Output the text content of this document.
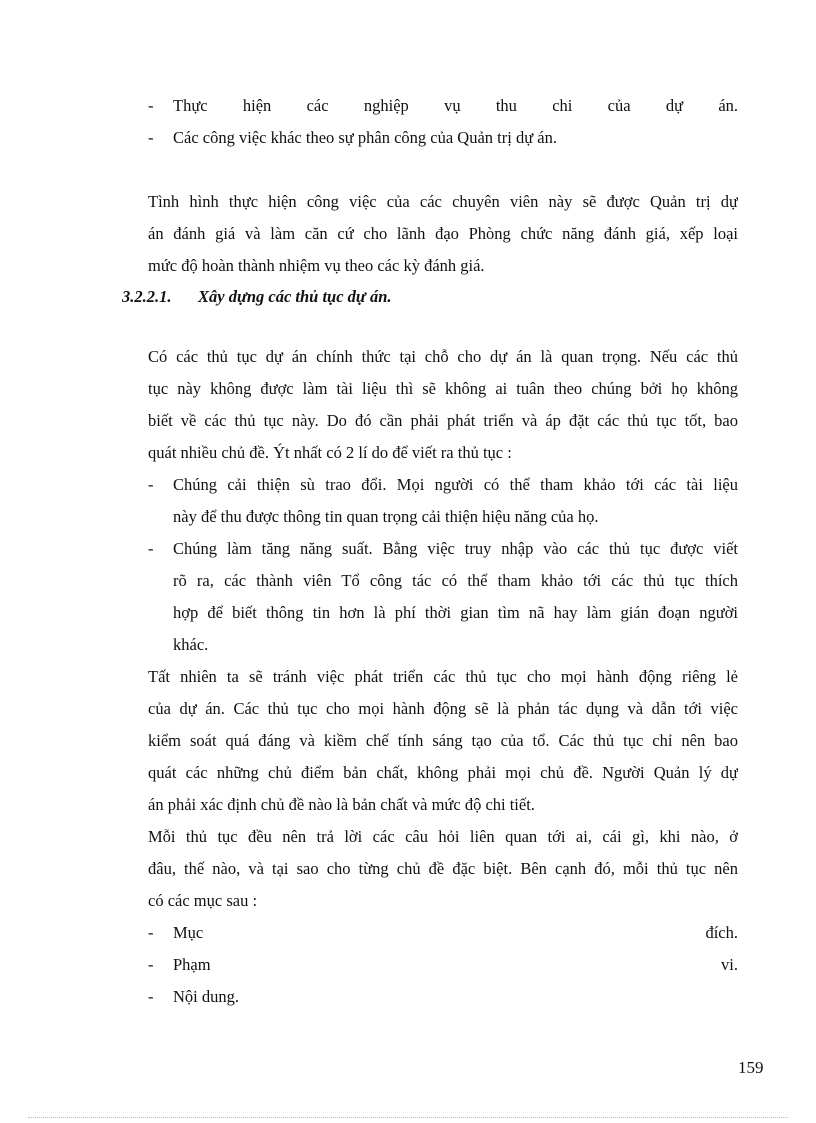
- Thực hiện các nghiệp vụ thu chi của dự án.
- Các công việc khác theo sự phân công của Quản trị dự án.
Tình hình thực hiện công việc của các chuyên viên này sẽ được Quản trị dự
án đánh giá và làm căn cứ cho lãnh đạo Phòng chức năng đánh giá, xếp loại
mức độ hoàn thành nhiệm vụ theo các kỳ đánh giá.
3.2.2.1. Xây dựng các thủ tục dự án.
Có các thủ tục dự án chính thức tại chỗ cho dự án là quan trọng. Nếu các thủ
tục này không được làm tài liệu thì sẽ không ai tuân theo chúng bởi họ không
biết về các thủ tục này. Do đó cần phải phát triển và áp đặt các thủ tục tốt, bao
quát nhiều chủ đề. Ýt nhất có 2 lí do để viết ra thủ tục :
- Chúng cải thiện sù trao đổi. Mọi người có thể tham khảo tới các tài liệu
này để thu được thông tin quan trọng cải thiện hiệu năng của họ.
- Chúng làm tăng năng suất. Bằng việc truy nhập vào các thủ tục được viết
rõ ra, các thành viên Tổ công tác có thể tham khảo tới các thủ tục thích
hợp để biết thông tin hơn là phí thời gian tìm nã hay làm gián đoạn người
khác.
Tất nhiên ta sẽ tránh việc phát triển các thủ tục cho mọi hành động riêng lẻ
của dự án. Các thủ tục cho mọi hành động sẽ là phản tác dụng và dẫn tới việc
kiểm soát quá đáng và kiềm chế tính sáng tạo của tổ. Các thủ tục chỉ nên bao
quát các những chủ điểm bản chất, không phải mọi chủ đề. Người Quản lý dự
án phải xác định chủ đề nào là bản chất và mức độ chi tiết.
Mỗi thủ tục đều nên trả lời các câu hỏi liên quan tới ai, cái gì, khi nào, ở
đâu, thế nào, và tại sao cho từng chủ đề đặc biệt. Bên cạnh đó, mỗi thủ tục nên
có các mục sau :
- Mục	đích.
- Phạm	vi.
- Nội dung.
159
